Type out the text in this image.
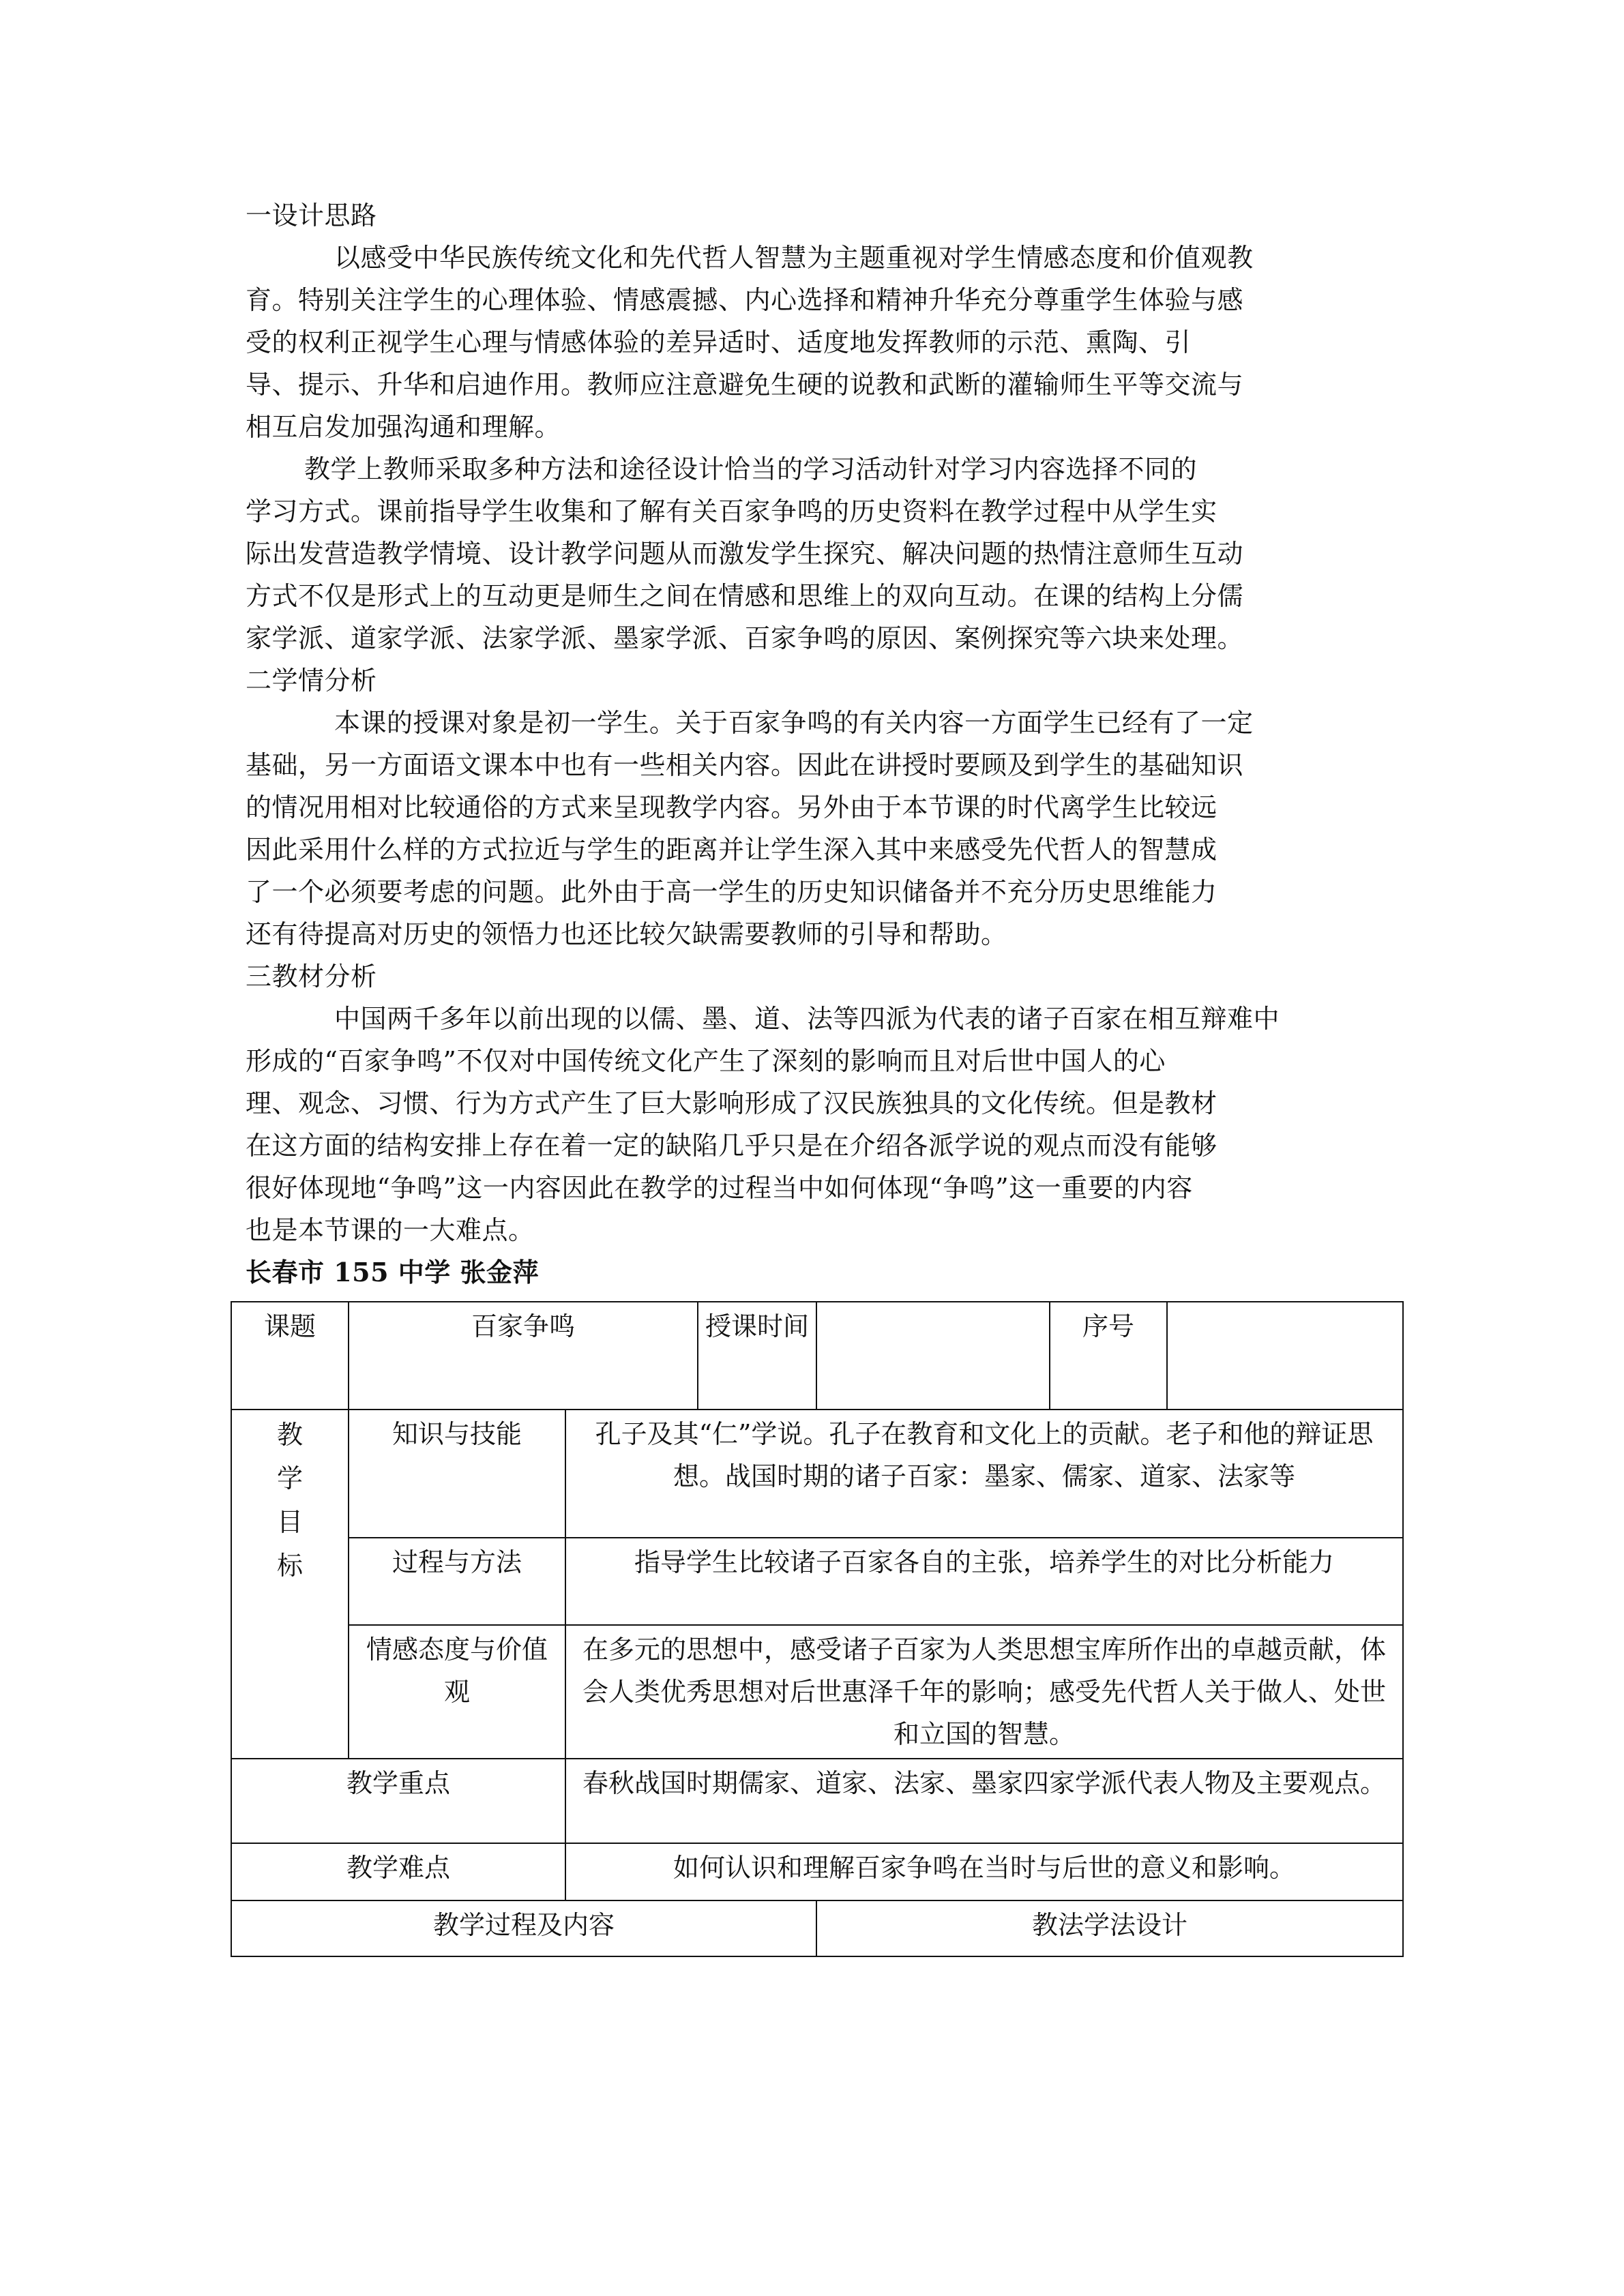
一设计思路
以感受中华民族传统文化和先代哲人智慧为主题重视对学生情感态度和价值观教
育。特别关注学生的心理体验、情感震撼、内心选择和精神升华充分尊重学生体验与感
受的权利正视学生心理与情感体验的差异适时、适度地发挥教师的示范、熏陶、引
导、提示、升华和启迪作用。教师应注意避免生硬的说教和武断的灌输师生平等交流与
相互启发加强沟通和理解。
教学上教师采取多种方法和途径设计恰当的学习活动针对学习内容选择不同的
学习方式。课前指导学生收集和了解有关百家争鸣的历史资料在教学过程中从学生实
际出发营造教学情境、设计教学问题从而激发学生探究、解决问题的热情注意师生互动
方式不仅是形式上的互动更是师生之间在情感和思维上的双向互动。在课的结构上分儒
家学派、道家学派、法家学派、墨家学派、百家争鸣的原因、案例探究等六块来处理。
二学情分析
本课的授课对象是初一学生。关于百家争鸣的有关内容一方面学生已经有了一定
基础，另一方面语文课本中也有一些相关内容。因此在讲授时要顾及到学生的基础知识
的情况用相对比较通俗的方式来呈现教学内容。另外由于本节课的时代离学生比较远
因此采用什么样的方式拉近与学生的距离并让学生深入其中来感受先代哲人的智慧成
了一个必须要考虑的问题。此外由于高一学生的历史知识储备并不充分历史思维能力
还有待提高对历史的领悟力也还比较欠缺需要教师的引导和帮助。
三教材分析
中国两千多年以前出现的以儒、墨、道、法等四派为代表的诸子百家在相互辩难中
形成的“百家争鸣”不仅对中国传统文化产生了深刻的影响而且对后世中国人的心
理、观念、习惯、行为方式产生了巨大影响形成了汉民族独具的文化传统。但是教材
在这方面的结构安排上存在着一定的缺陷几乎只是在介绍各派学说的观点而没有能够
很好体现地“争鸣”这一内容因此在教学的过程当中如何体现“争鸣”这一重要的内容
也是本节课的一大难点。
长春市 155 中学 张金萍
课题	百家争鸣		授课时间		序号	

教
学
目
标	知识与技能	孔子及其“仁”学说。孔子在教育和文化上的贡献。老子和他的辩证思想。战国时期的诸子百家：墨家、儒家、道家、法家等				
	过程与方法	指导学生比较诸子百家各自的主张，培养学生的对比分析能力				
	情感态度与价值观	在多元的思想中，感受诸子百家为人类思想宝库所作出的卓越贡献，体会人类优秀思想对后世惠泽千年的影响；感受先代哲人关于做人、处世和立国的智慧。				
教学重点		春秋战国时期儒家、道家、法家、墨家四家学派代表人物及主要观点。				
教学难点		如何认识和理解百家争鸣在当时与后世的意义和影响。				
教学过程及内容				教法学法设计		
